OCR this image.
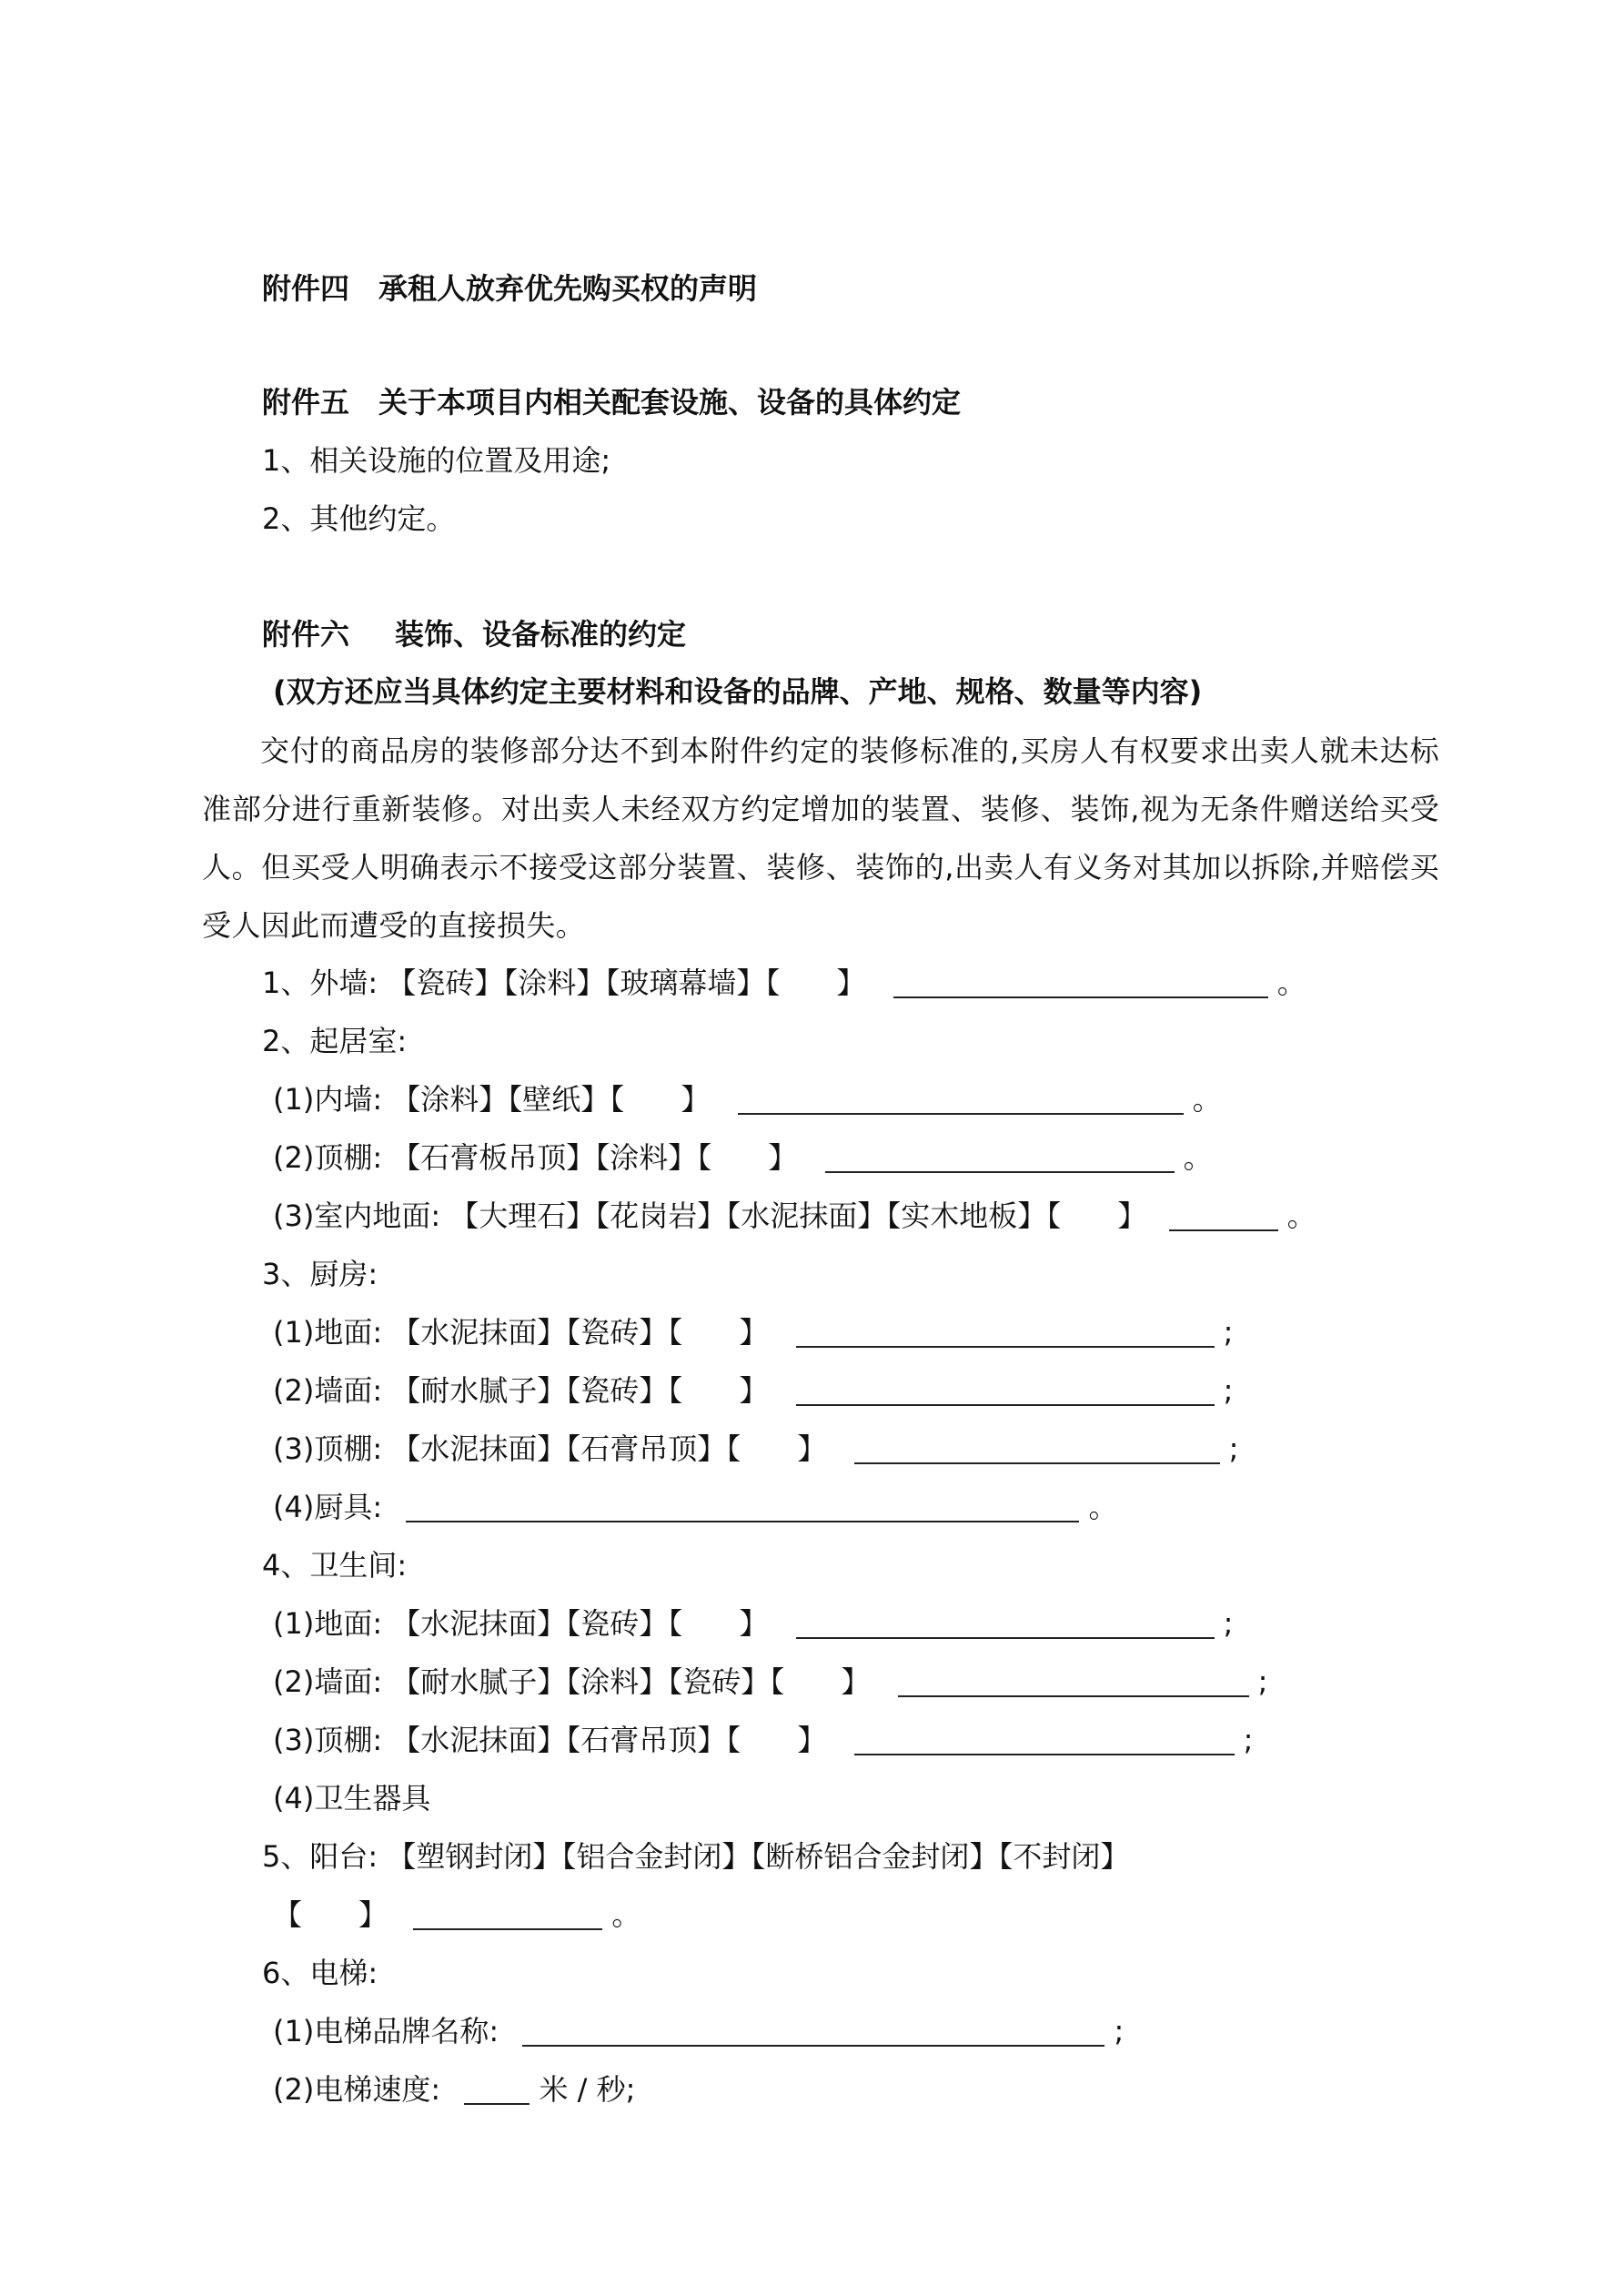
附件四 承租人放弃优先购买权的声明
附件五 关于本项目内相关配套设施、设备的具体约定
1、相关设施的位置及用途;
2、其他约定。
附件六 装饰、设备标准的约定
(双方还应当具体约定主要材料和设备的品牌、产地、规格、数量等内容)
交付的商品房的装修部分达不到本附件约定的装修标准的,买房人有权要求出卖人就未达标准部分进行重新装修。对出卖人未经双方约定增加的装置、装修、装饰,视为无条件赠送给买受人。但买受人明确表示不接受这部分装置、装修、装饰的,出卖人有义务对其加以拆除,并赔偿买受人因此而遭受的直接损失。
1、外墙: 【瓷砖】【涂料】【玻璃幕墙】【 】	。
2、起居室:
(1)内墙: 【涂料】【壁纸】【 】	。
(2)顶棚: 【石膏板吊顶】【涂料】【 】	。
(3)室内地面: 【大理石】【花岗岩】【水泥抹面】【实木地板】【 】	。
3、厨房:
(1)地面: 【水泥抹面】【瓷砖】【 】	;
(2)墙面: 【耐水腻子】【瓷砖】【 】	;
(3)顶棚: 【水泥抹面】【石膏吊顶】【 】	;
(4)厨具:	。
4、卫生间:
(1)地面: 【水泥抹面】【瓷砖】【 】	;
(2)墙面: 【耐水腻子】【涂料】【瓷砖】【 】	;
(3)顶棚: 【水泥抹面】【石膏吊顶】【 】	;
(4)卫生器具
5、阳台: 【塑钢封闭】【铝合金封闭】【断桥铝合金封闭】【不封闭】
【 】	。
6、电梯:
(1)电梯品牌名称:	;
(2)电梯速度:	米 / 秒;
